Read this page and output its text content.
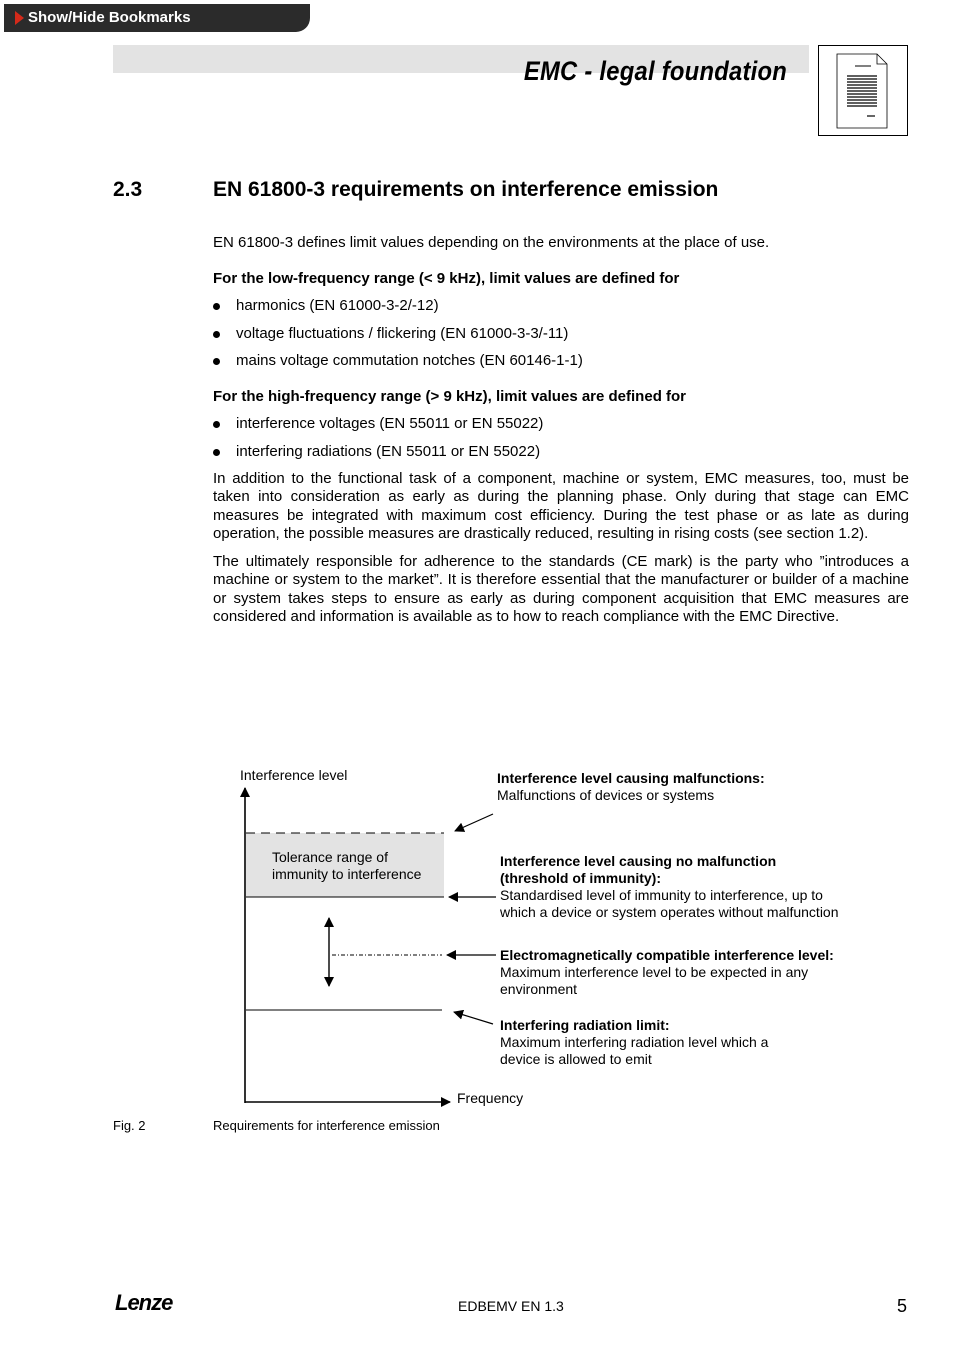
Show/Hide Bookmarks
EMC - legal foundation
2.3	EN 61800-3 requirements on interference emission
EN 61800-3 defines limit values depending on the environments at the place of use.
For the low-frequency range (< 9 kHz), limit values are defined for
harmonics (EN 61000-3-2/-12)
voltage fluctuations / flickering (EN 61000-3-3/-11)
mains voltage commutation notches (EN 60146-1-1)
For the high-frequency range (> 9 kHz), limit values are defined for
interference voltages (EN 55011 or EN 55022)
interfering radiations (EN 55011 or EN 55022)
In addition to the functional task of a component, machine or system, EMC measures, too, must be taken into consideration as early as during the planning phase. Only during that stage can EMC measures be integrated with maximum cost efficiency. During the test phase or as late as during operation, the possible measures are drastically reduced, resulting in rising costs (see section 1.2).
The ultimately responsible for adherence to the standards (CE mark) is the party who ”introduces a machine or system to the market”. It is therefore essential that the manufacturer or builder of a machine or system takes steps to ensure as early as during component acquisition that EMC measures are considered and information is available as to how to reach compliance with the EMC Directive.
Interference level
Frequency
Tolerance range of
immunity to interference
Interference level causing malfunctions:
Malfunctions of devices or systems
Interference level causing no malfunction
(threshold of immunity):
Standardised level of immunity to interference, up to
which a device or system operates without malfunction
Electromagnetically compatible interference level:
Maximum interference level to be expected in any
environment
Interfering radiation limit:
Maximum interfering radiation level which a
device is allowed to emit
Fig. 2	Requirements for interference emission
Lenze	EDBEMV EN 1.3	5
